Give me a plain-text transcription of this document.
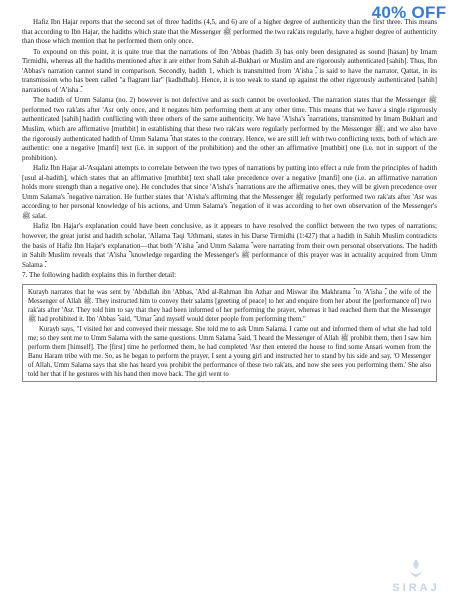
40% OFF

Hafiz Ibn Hajar reports that the second set of three hadiths (4,5, and 6) are of a higher degree of authenticity than the first three. This means that according to Ibn Hajar, the hadiths which state that the Messenger ﷺ performed the two rak'ats regularly, have a higher degree of authenticity than those which mention that he performed them only once.

To expound on this point, it is quite true that the narrations of Ibn 'Abbas (hadith 3) has only been designated as sound [hasan] by Imam Tirmidhi, whereas all the hadiths mentioned after it are either from Sahih al-Bukhari or Muslim and are rigorously authenticated [sahih]. Thus, Ibn 'Abbas's narration cannot stand in comparison. Secondly, hadith 1, which is transmitted from 'A'isha ؓ, is said to have the narrator, Qattat, in its transmission who has been called "a flagrant liar" [kadhdhab]. Hence, it is too weak to stand up against the other rigorously authenticated [sahih] narrations of 'A'isha ؓ.

The hadith of Umm Salama (no. 2) however is not defective and as such cannot be overlooked. The narration states that the Messenger ﷺ performed two rak'ats after 'Asr only once, and it negates him performing them at any other time. This means that we have a single rigorously authenticated [sahih] hadith conflicting with three others of the same authenticity. We have 'A'isha's ؓ narrations, transmitted by Imam Bukhari and Muslim, which are affirmative [muthbit] in establishing that these two rak'ats were regularly performed by the Messenger ﷺ; and we also have the rigorously authenticated hadith of Umm Salama ؓ that states to the contrary. Hence, we are still left with two conflicting texts, both of which are authentic: one a negative [manfi] text (i.e. in support of the prohibition) and the other an affirmative [muthbit] one (i.e. not in support of the prohibition).

Hafiz Ibn Hajar al-'Asqalani attempts to correlate between the two types of narrations by putting into effect a rule from the principles of hadith [usul al-hadith], which states that an affirmative [muthbit] text shall take precedence over a negative [manfi] one (i.e. an affirmative narration holds more strength than a negative one). He concludes that since 'A'isha's ؓ narrations are the affirmative ones, they will be given precedence over Umm Salama's ؓ negative narration. He further states that 'A'isha's affirming that the Messenger ﷺ regularly performed two rak'ats after 'Asr was according to her personal knowledge of his actions, and Umm Salama's ؓ negation of it was according to her own observation of the Messenger's ﷺ salat.

Hafiz Ibn Hajar's explanation could have been conclusive, as it appears to have resolved the conflict between the two types of narrations; however, the great jurist and hadith scholar, 'Allama Taqi 'Uthmani, states in his Darse Tirmidhi (1:427) that a hadith in Sahih Muslim contradicts the basis of Hafiz Ibn Hajar's explanation—that both 'A'isha ؓ and Umm Salama ؓ were narrating from their own personal observations. The hadith in Sahih Muslim reveals that 'A'isha ؓ knowledge regarding the Messenger's ﷺ performance of this prayer was in actuality acquired from Umm Salama ؓ.

7. The following hadith explains this in further detail:

Kurayb narrates that he was sent by 'Abdullah ibn 'Abbas, 'Abd al-Rahman ibn Azhar and Miswar ibn Makhrama ؓ to 'A'isha ؓ, the wife of the Messenger of Allah ﷺ. They instructed him to convey their salams [greeting of peace] to her and enquire from her about the [performance of] two rak'ats after 'Asr. They told him to say that they had been informed of her performing the prayer, whereas it had reached them that the Messenger ﷺ had prohibited it. Ibn 'Abbas ؓ said, "Umar ؓ and myself would deter people from performing them."

Kurayb says, "I visited her and conveyed their message. She told me to ask Umm Salama. I came out and informed them of what she had told me; so they sent me to Umm Salama with the same questions. Umm Salama ؓ said, 'I heard the Messenger of Allah ﷺ prohibit them, then I saw him perform them [himself]. The [first] time he performed them, he had completed 'Asr then entered the house to find some Ansari women from the Banu Haram tribe with me. So, as he began to perform the prayer, I sent a young girl and instructed her to stand by his side and say, 'O Messenger of Allah, Umm Salama says that she has heard you prohibit the performance of these two rak'ats, and now she sees you performing them.' She also told her that if he gestures with his hand then move back. The girl went to

SIRAJ
